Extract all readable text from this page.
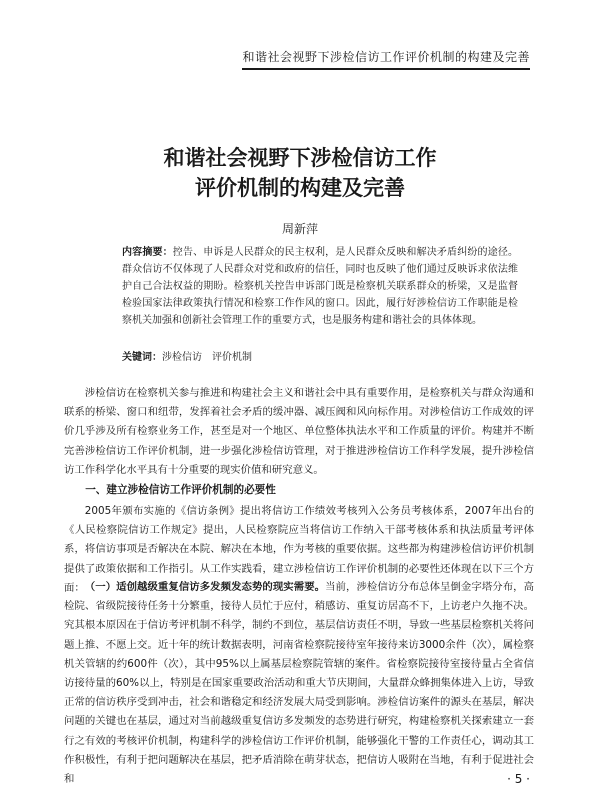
和谐社会视野下涉检信访工作评价机制的构建及完善
和谐社会视野下涉检信访工作
评价机制的构建及完善
周新萍
内容摘要：控告、申诉是人民群众的民主权利，是人民群众反映和解决矛盾纠纷的途径。群众信访不仅体现了人民群众对党和政府的信任，同时也反映了他们通过反映诉求依法维护自己合法权益的期盼。检察机关控告申诉部门既是检察机关联系群众的桥梁，又是监督检验国家法律政策执行情况和检察工作作风的窗口。因此，履行好涉检信访工作职能是检察机关加强和创新社会管理工作的重要方式，也是服务构建和谐社会的具体体现。
关键词：涉检信访　评价机制

涉检信访在检察机关参与推进和构建社会主义和谐社会中具有重要作用，是检察机关与群众沟通和联系的桥梁、窗口和纽带，发挥着社会矛盾的缓冲器、减压阀和风向标作用。对涉检信访工作成效的评价几乎涉及所有检察业务工作，甚至是对一个地区、单位整体执法水平和工作质量的评价。构建并不断完善涉检信访工作评价机制，进一步强化涉检信访管理，对于推进涉检信访工作科学发展，提升涉检信访工作科学化水平具有十分重要的现实价值和研究意义。

一、建立涉检信访工作评价机制的必要性

2005年颁布实施的《信访条例》提出将信访工作绩效考核列入公务员考核体系，2007年出台的《人民检察院信访工作规定》提出，人民检察院应当将信访工作纳入干部考核体系和执法质量考评体系，将信访事项是否解决在本院、解决在本地，作为考核的重要依据。这些都为构建涉检信访评价机制提供了政策依据和工作指引。从工作实践看，建立涉检信访工作评价机制的必要性还体现在以下三个方面： （一）适创越级重复信访多发频发态势的现实需要。当前，涉检信访分布总体呈倒金字塔分布，高检院、省级院接待任务十分繁重，接待人员忙于应付，稍感访、重复访居高不下，上访老户久拖不决。究其根本原因在于信访考评机制不科学，制约不到位，基层信访责任不明，导致一些基层检察机关将问题上推、不愿上交。近十年的统计数据表明，河南省检察院接待室年接待来访3000余件（次），属检察机关管辖的约600件（次），其中95%以上属基层检察院管辖的案件。省检察院接待室接待量占全省信访接待量的60%以上，特别是在国家重要政治活动和重大节庆期间，大量群众蜂拥集体进入上访，导致正常的信访秩序受到冲击，社会和谐稳定和经济发展大局受到影响。涉检信访案件的源头在基层，解决问题的关键也在基层，通过对当前越级重复信访多发频发的态势进行研究，构建检察机关探索建立一套行之有效的考核评价机制，构建科学的涉检信访工作评价机制，能够强化干警的工作责任心，调动其工作积极性，有利于把问题解决在基层，把矛盾消除在萌芽状态，把信访人吸附在当地，有利于促进社会和	· 5 ·
